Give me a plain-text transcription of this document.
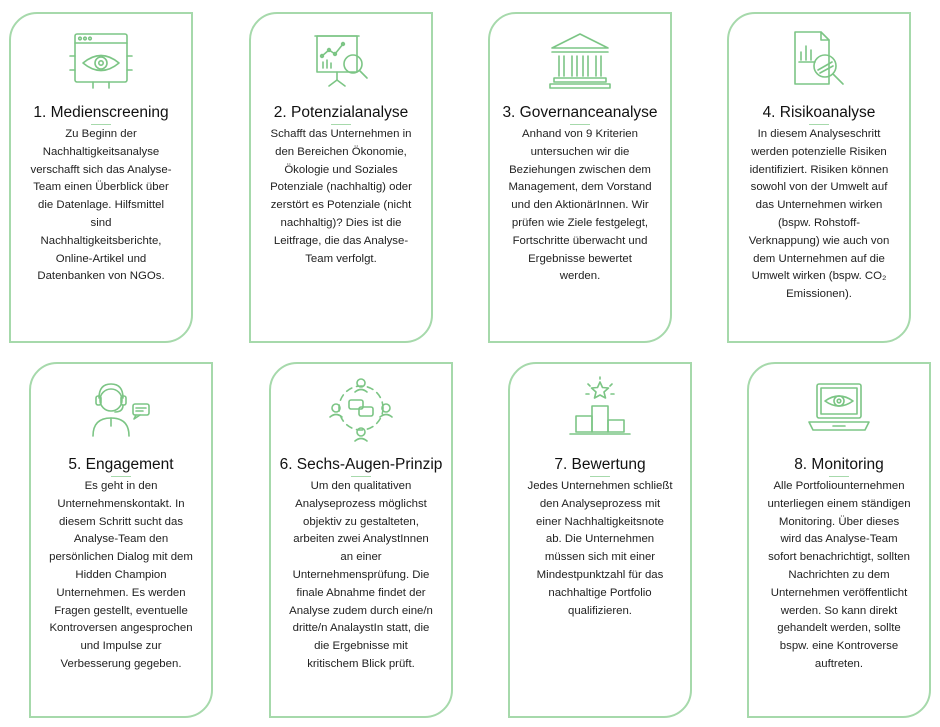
1. Medienscreening
Zu Beginn der
Nachhaltigkeitsanalyse
verschafft sich das Analyse-
Team einen Überblick über
die Datenlage. Hilfsmittel
sind
Nachhaltigkeitsberichte,
Online-Artikel und
Datenbanken von NGOs.
2. Potenzialanalyse
Schafft das Unternehmen in
den Bereichen Ökonomie,
Ökologie und Soziales
Potenziale (nachhaltig) oder
zerstört es Potenziale (nicht
nachhaltig)? Dies ist die
Leitfrage, die das Analyse-
Team verfolgt.
3. Governanceanalyse
Anhand von 9 Kriterien
untersuchen wir die
Beziehungen zwischen dem
Management, dem Vorstand
und den AktionärInnen. Wir
prüfen wie Ziele festgelegt,
Fortschritte überwacht und
Ergebnisse bewertet
werden.
4. Risikoanalyse
In diesem Analyseschritt
werden potenzielle Risiken
identifiziert. Risiken können
sowohl von der Umwelt auf
das Unternehmen wirken
(bspw. Rohstoff-
Verknappung) wie auch von
dem Unternehmen auf die
Umwelt wirken (bspw. CO₂
Emissionen).
5. Engagement
Es geht in den
Unternehmenskontakt. In
diesem Schritt sucht das
Analyse-Team den
persönlichen Dialog mit dem
Hidden Champion
Unternehmen. Es werden
Fragen gestellt, eventuelle
Kontroversen angesprochen
und Impulse zur
Verbesserung gegeben.
6. Sechs-Augen-Prinzip
Um den qualitativen
Analyseprozess möglichst
objektiv zu gestalteten,
arbeiten zwei AnalystInnen
an einer
Unternehmensprüfung. Die
finale Abnahme findet der
Analyse zudem durch eine/n
dritte/n AnalaystIn statt, die
die Ergebnisse mit
kritischem Blick prüft.
7. Bewertung
Jedes Unternehmen schließt
den Analyseprozess mit
einer Nachhaltigkeitsnote
ab. Die Unternehmen
müssen sich mit einer
Mindestpunktzahl für das
nachhaltige Portfolio
qualifizieren.
8. Monitoring
Alle Portfoliounternehmen
unterliegen einem ständigen
Monitoring. Über dieses
wird das Analyse-Team
sofort benachrichtigt, sollten
Nachrichten zu dem
Unternehmen veröffentlicht
werden. So kann direkt
gehandelt werden, sollte
bspw. eine Kontroverse
auftreten.
